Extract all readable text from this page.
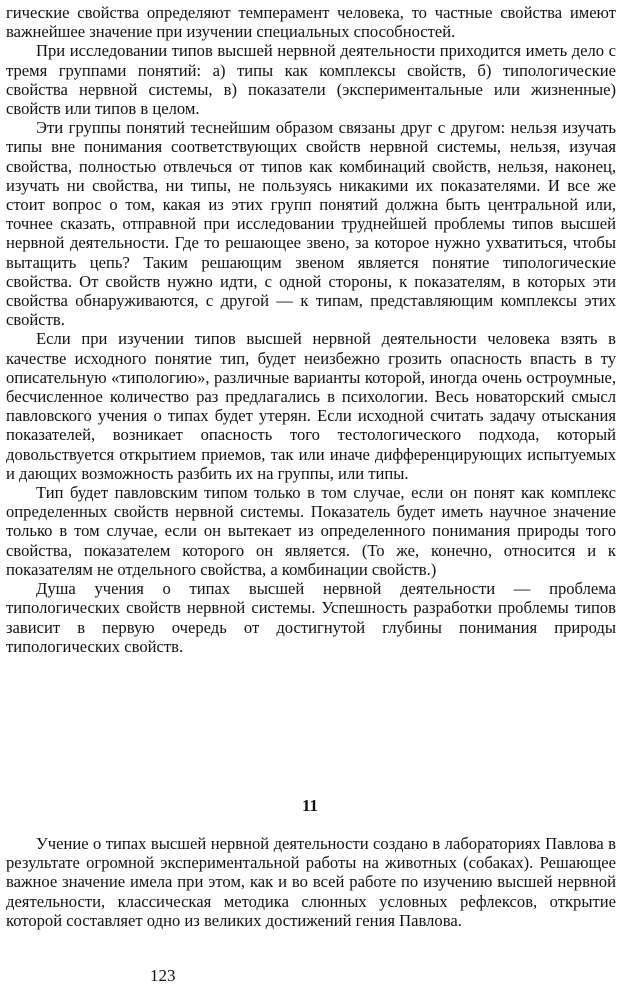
гические свойства определяют темперамент человека, то частные свойства имеют важнейшее значение при изучении специальных способностей.

При исследовании типов высшей нервной деятельности приходится иметь дело с тремя группами понятий: а) типы как комплексы свойств, б) типологические свойства нервной системы, в) показатели (экспериментальные или жизненные) свойств или типов в целом.

Эти группы понятий теснейшим образом связаны друг с другом: нельзя изучать типы вне понимания соответствующих свойств нервной системы, нельзя, изучая свойства, полностью отвлечься от типов как комбинаций свойств, нельзя, наконец, изучать ни свойства, ни типы, не пользуясь никакими их показателями. И все же стоит вопрос о том, какая из этих групп понятий должна быть центральной или, точнее сказать, отправной при исследовании труднейшей проблемы типов высшей нервной деятельности. Где то решающее звено, за которое нужно ухватиться, чтобы вытащить цепь? Таким решающим звеном является понятие типологические свойства. От свойств нужно идти, с одной стороны, к показателям, в которых эти свойства обнаруживаются, с другой — к типам, представляющим комплексы этих свойств.

Если при изучении типов высшей нервной деятельности человека взять в качестве исходного понятие тип, будет неизбежно грозить опасность впасть в ту описательную «типологию», различные варианты которой, иногда очень остроумные, бесчисленное количество раз предлагались в психологии. Весь новаторский смысл павловского учения о типах будет утерян. Если исходной считать задачу отыскания показателей, возникает опасность того тестологического подхода, который довольствуется открытием приемов, так или иначе дифференцирующих испытуемых и дающих возможность разбить их на группы, или типы.

Тип будет павловским типом только в том случае, если он понят как комплекс определенных свойств нервной системы. Показатель будет иметь научное значение только в том случае, если он вытекает из определенного понимания природы того свойства, показателем которого он является. (То же, конечно, относится и к показателям не отдельного свойства, а комбинации свойств.)

Душа учения о типах высшей нервной деятельности — проблема типологических свойств нервной системы. Успешность разработки проблемы типов зависит в первую очередь от достигнутой глубины понимания природы типологических свойств.

11

Учение о типах высшей нервной деятельности создано в лабораториях Павлова в результате огромной экспериментальной работы на животных (собаках). Решающее важное значение имела при этом, как и во всей работе по изучению высшей нервной деятельности, классическая методика слюнных условных рефлексов, открытие которой составляет одно из великих достижений гения Павлова.

123
